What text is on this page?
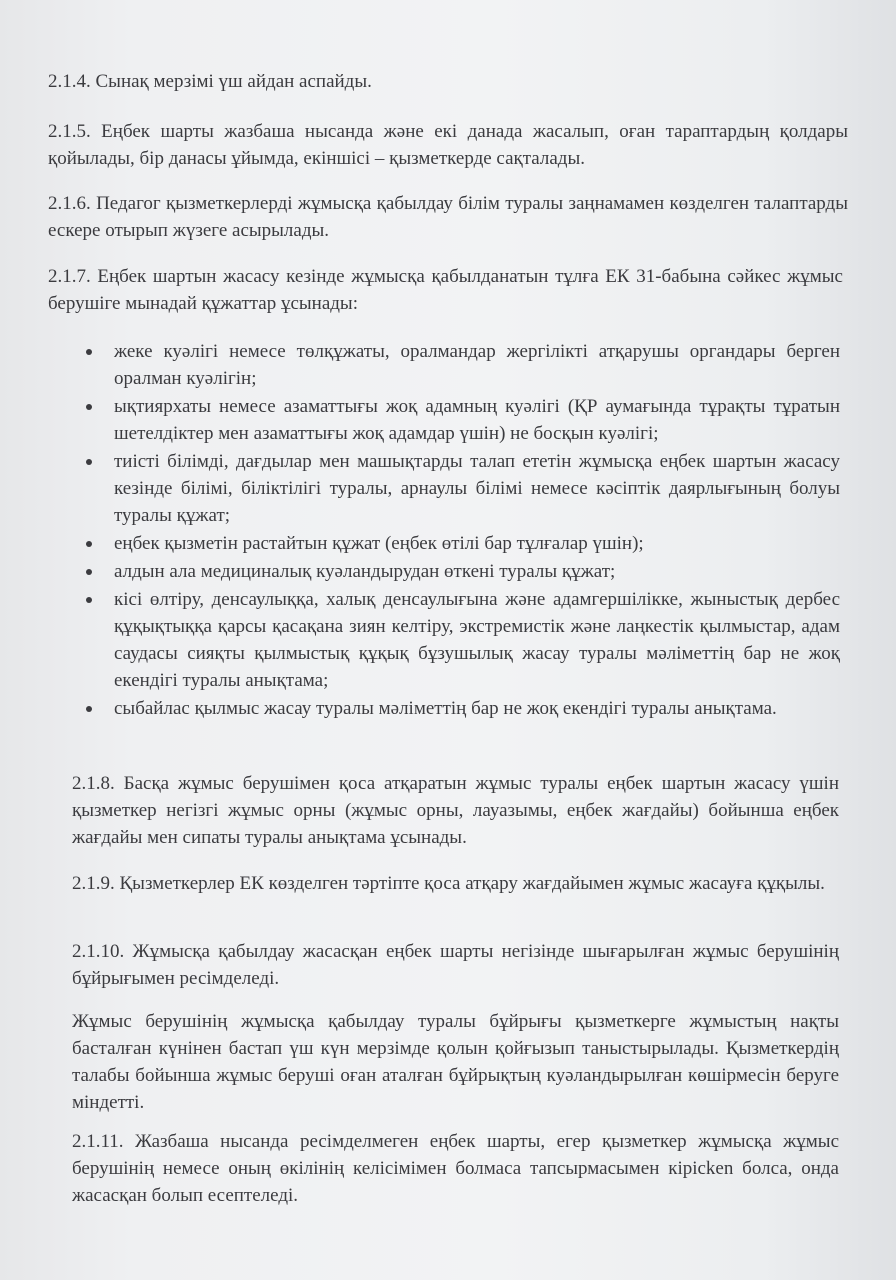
2.1.4. Сынақ мерзімі үш айдан аспайды.

2.1.5. Еңбек шарты жазбаша нысанда және екі данада жасалып, оған тараптардың қолдары қойылады, бір данасы ұйымда, екіншісі – қызметкерде сақталады.

2.1.6. Педагог қызметкерлерді жұмысқа қабылдау білім туралы заңнамамен көзделген талаптарды ескере отырып жүзеге асырылады.

2.1.7. Еңбек шартын жасасу кезінде жұмысқа қабылданатын тұлға ЕК 31-бабына сәйкес жұмыс берушіге мынадай құжаттар ұсынады:

жеке куәлігі немесе төлқұжаты, оралмандар жергілікті атқарушы органдары берген оралман куәлігін;
ықтиярхаты немесе азаматтығы жоқ адамның куәлігі (ҚР аумағында тұрақты тұратын шетелдіктер мен азаматтығы жоқ адамдар үшін) не босқын куәлігі;
тиісті білімді, дағдылар мен машықтарды талап ететін жұмысқа еңбек шартын жасасу кезінде білімі, біліктілігі туралы, арнаулы білімі немесе кәсіптік даярлығының болуы туралы құжат;
еңбек қызметін растайтын құжат (еңбек өтілі бар тұлғалар үшін);
алдын ала медициналық куәландырудан өткені туралы құжат;
кісі өлтіру, денсаулыққа, халық денсаулығына және адамгершілікке, жыныстық дербес құқықтыққа қарсы қасақана зиян келтіру, экстремистік және лаңкестік қылмыстар, адам саудасы сияқты қылмыстық құқық бұзушылық жасау туралы мәліметтің бар не жоқ екендігі туралы анықтама;
сыбайлас қылмыс жасау туралы мәліметтің бар не жоқ екендігі туралы анықтама.

2.1.8. Басқа жұмыс берушімен қоса атқаратын жұмыс туралы еңбек шартын жасасу үшін қызметкер негізгі жұмыс орны (жұмыс орны, лауазымы, еңбек жағдайы) бойынша еңбек жағдайы мен сипаты туралы анықтама ұсынады.

2.1.9. Қызметкерлер ЕК көзделген тәртіпте қоса атқару жағдайымен жұмыс жасауға құқылы.

2.1.10. Жұмысқа қабылдау жасасқан еңбек шарты негізінде шығарылған жұмыс берушінің бұйрығымен ресімделеді.

Жұмыс берушінің жұмысқа қабылдау туралы бұйрығы қызметкерге жұмыстың нақты басталған күнінен бастап үш күн мерзімде қолын қойғызып таныстырылады. Қызметкердің талабы бойынша жұмыс беруші оған аталған бұйрықтың куәландырылған көшірмесін беруге міндетті.

2.1.11. Жазбаша нысанда ресімделмеген еңбек шарты, егер қызметкер жұмысқа жұмыс берушінің немесе оның өкілінің келісімімен болмаса тапсырмасымен кірісken болса, онда жасасқан болып есептеледі.
